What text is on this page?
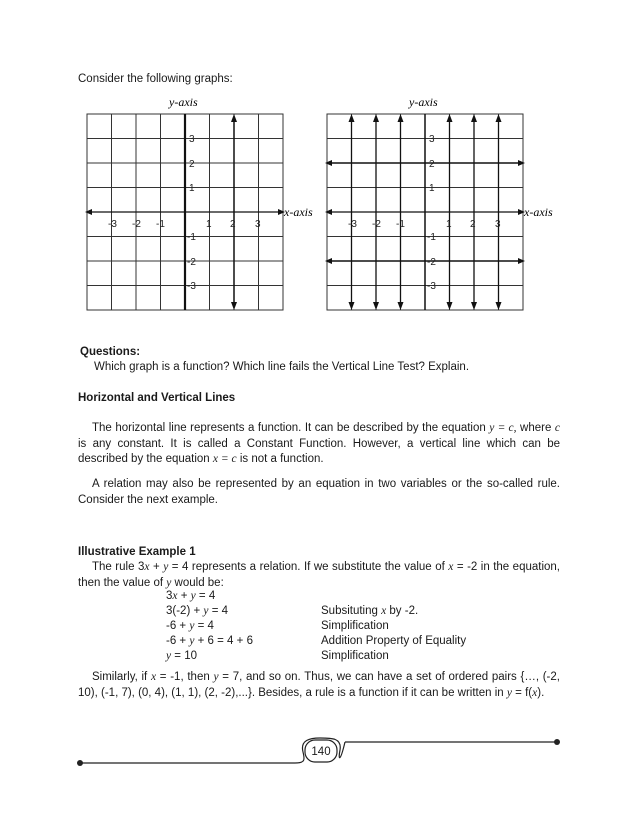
Consider the following graphs:
y-axis
x-axis
-3 -2 -1	1 2 3
3
2
1
-1
-2
-3
y-axis
x-axis
-3 -2 -1	1 2 3
3
2
1
-1
-2
-3
Questions:
Which graph is a function? Which line fails the Vertical Line Test? Explain.
Horizontal and Vertical Lines
The horizontal line represents a function. It can be described by the equation y = c, where c is any constant. It is called a Constant Function. However, a vertical line which can be described by the equation x = c is not a function.
A relation may also be represented by an equation in two variables or the so-called rule. Consider the next example.
Illustrative Example 1
The rule 3x + y = 4 represents a relation. If we substitute the value of x = -2 in the equation, then the value of y would be:
3x + y = 4
3(-2) + y = 4	Subsituting x by -2.
-6 + y = 4	Simplification
-6 + y + 6 = 4 + 6	Addition Property of Equality
y = 10	Simplification
Similarly, if x = -1, then y = 7, and so on. Thus, we can have a set of ordered pairs {…, (-2, 10), (-1, 7), (0, 4), (1, 1), (2, -2),...}. Besides, a rule is a function if it can be written in y = f(x).
140
